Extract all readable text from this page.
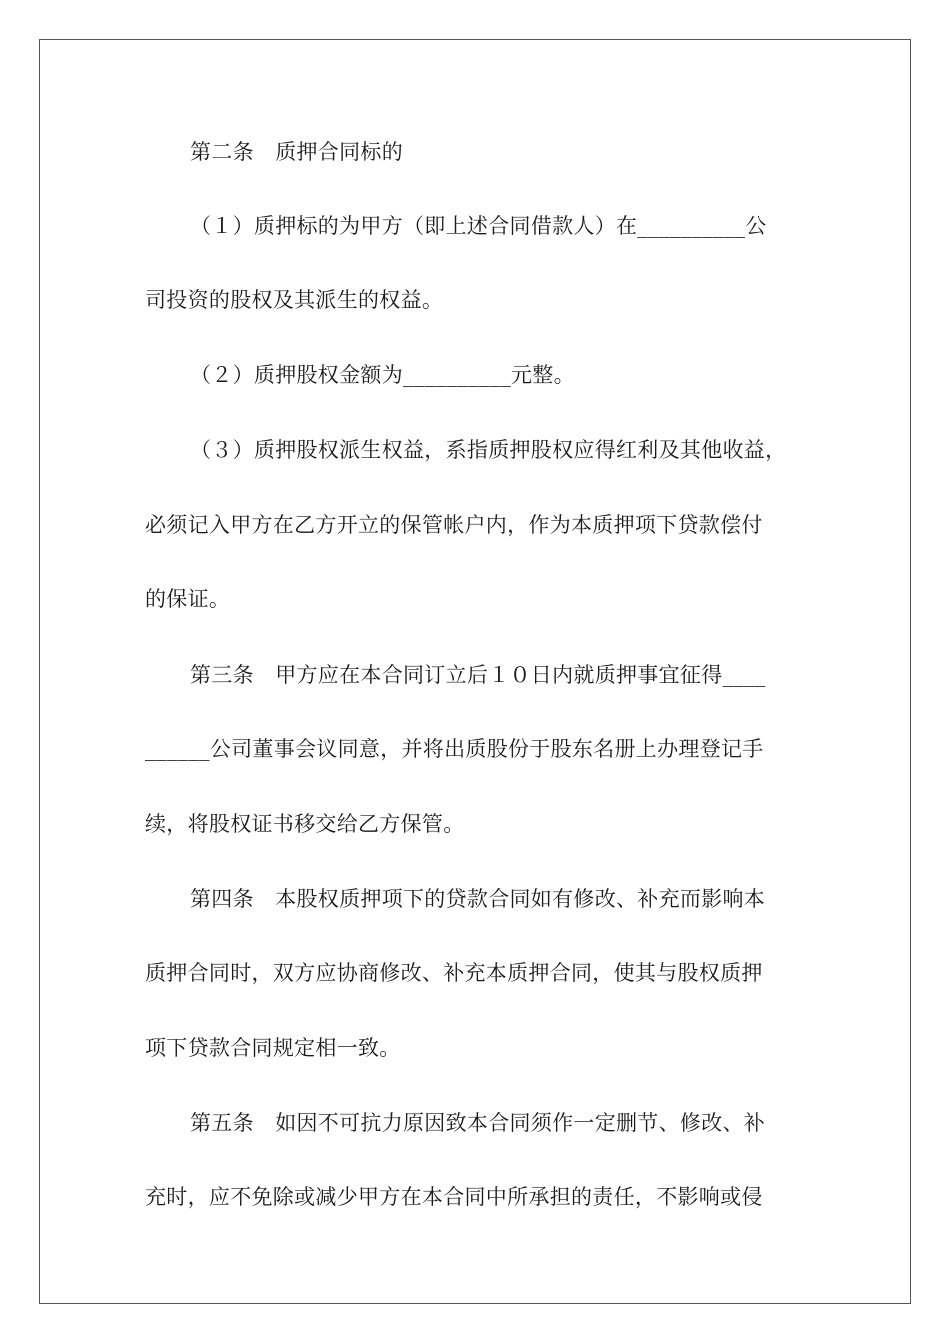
第二条　质押合同标的
（１）质押标的为甲方（即上述合同借款人）在__________公
司投资的股权及其派生的权益。
（２）质押股权金额为__________元整。
（３）质押股权派生权益，系指质押股权应得红利及其他收益，
必须记入甲方在乙方开立的保管帐户内，作为本质押项下贷款偿付
的保证。
第三条　甲方应在本合同订立后１０日内就质押事宜征得____
______公司董事会议同意，并将出质股份于股东名册上办理登记手
续，将股权证书移交给乙方保管。
第四条　本股权质押项下的贷款合同如有修改、补充而影响本
质押合同时，双方应协商修改、补充本质押合同，使其与股权质押
项下贷款合同规定相一致。
第五条　如因不可抗力原因致本合同须作一定删节、修改、补
充时，应不免除或减少甲方在本合同中所承担的责任，不影响或侵
